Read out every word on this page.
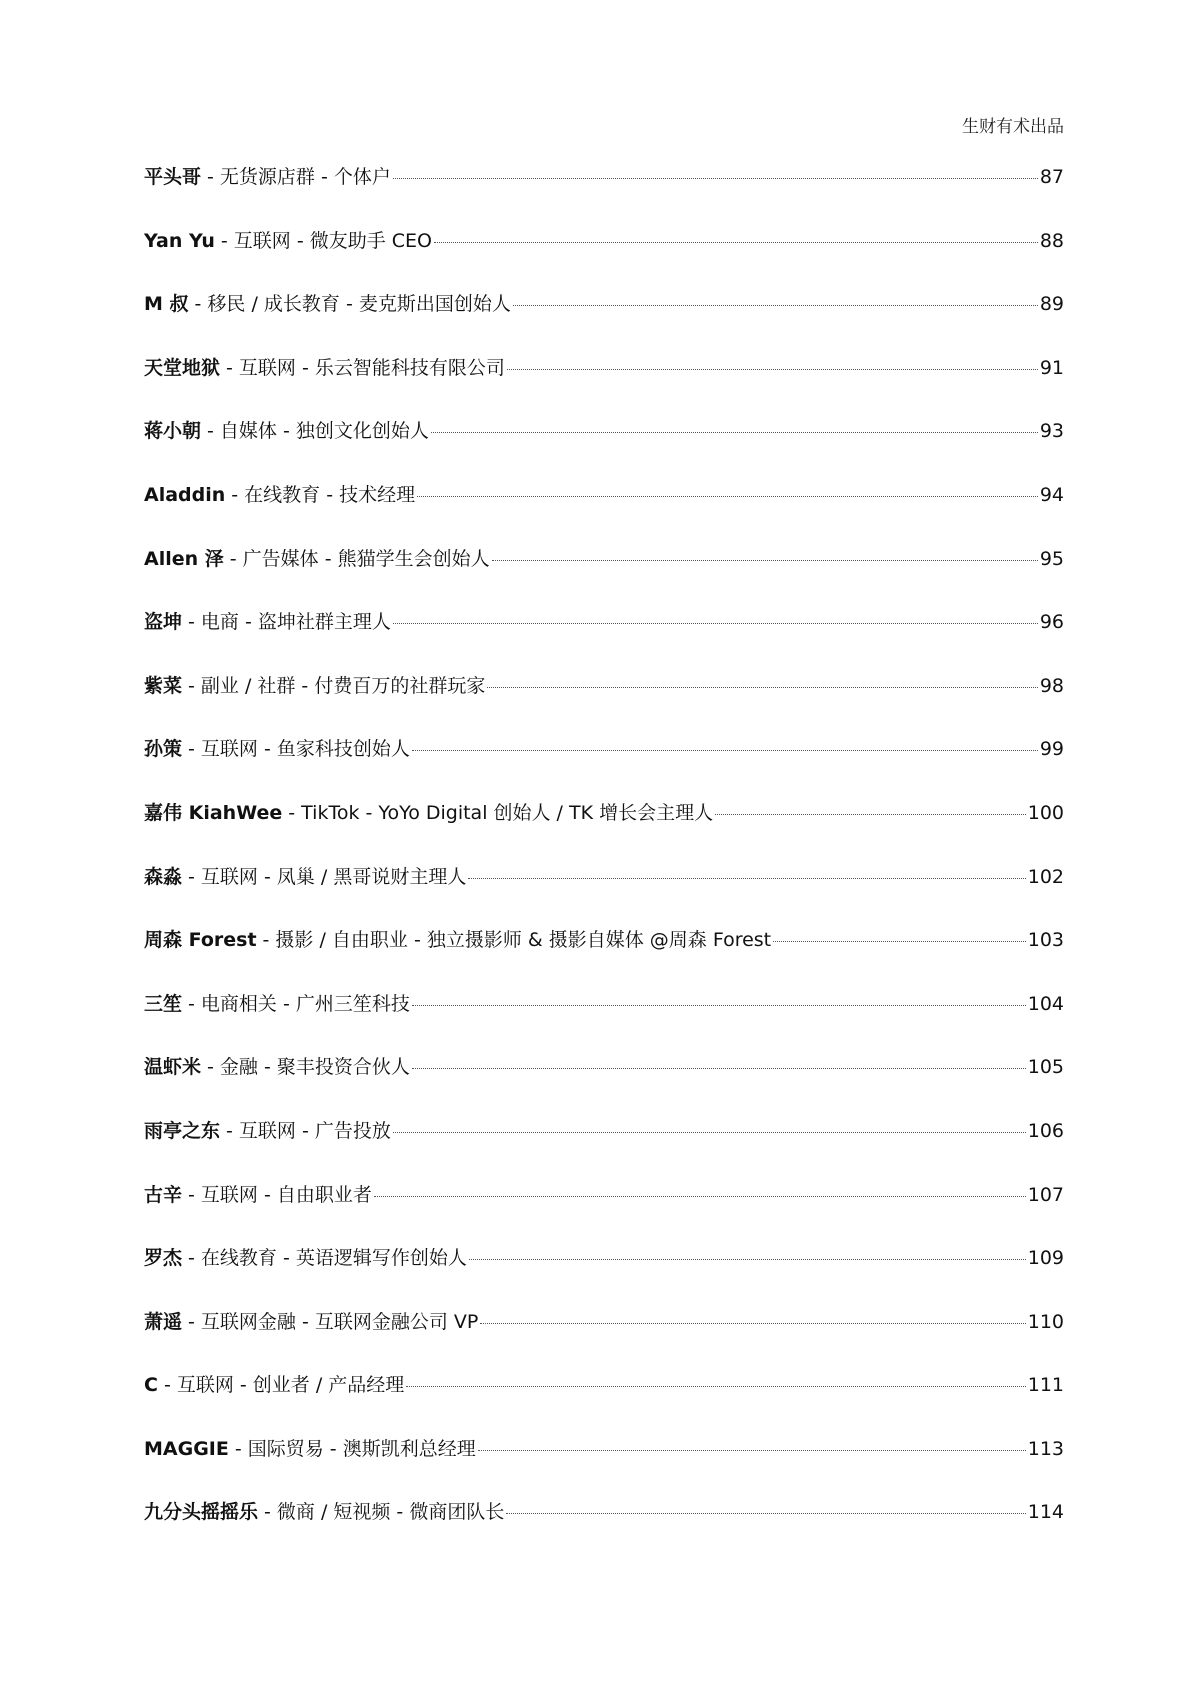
生财有术出品
平头哥 - 无货源店群 - 个体户	87
Yan Yu - 互联网 - 微友助手 CEO	88
M 叔 - 移民 / 成长教育 - 麦克斯出国创始人	89
天堂地狱 - 互联网 - 乐云智能科技有限公司	91
蒋小朝 - 自媒体 - 独创文化创始人	93
Aladdin - 在线教育 - 技术经理	94
Allen 泽 - 广告媒体 - 熊猫学生会创始人	95
盗坤 - 电商 - 盗坤社群主理人	96
紫菜 - 副业 / 社群 - 付费百万的社群玩家	98
孙策 - 互联网 - 鱼家科技创始人	99
嘉伟 KiahWee - TikTok - YoYo Digital 创始人 / TK 增长会主理人	100
森淼 - 互联网 - 凤巢 / 黑哥说财主理人	102
周森 Forest - 摄影 / 自由职业 - 独立摄影师 & 摄影自媒体 @周森 Forest	103
三笙 - 电商相关 - 广州三笙科技	104
温虾米 - 金融 - 聚丰投资合伙人	105
雨亭之东 - 互联网 - 广告投放	106
古辛 - 互联网 - 自由职业者	107
罗杰 - 在线教育 - 英语逻辑写作创始人	109
萧遥 - 互联网金融 - 互联网金融公司 VP	110
C - 互联网 - 创业者 / 产品经理	111
MAGGIE - 国际贸易 - 澳斯凯利总经理	113
九分头摇摇乐 - 微商 / 短视频 - 微商团队长	114
